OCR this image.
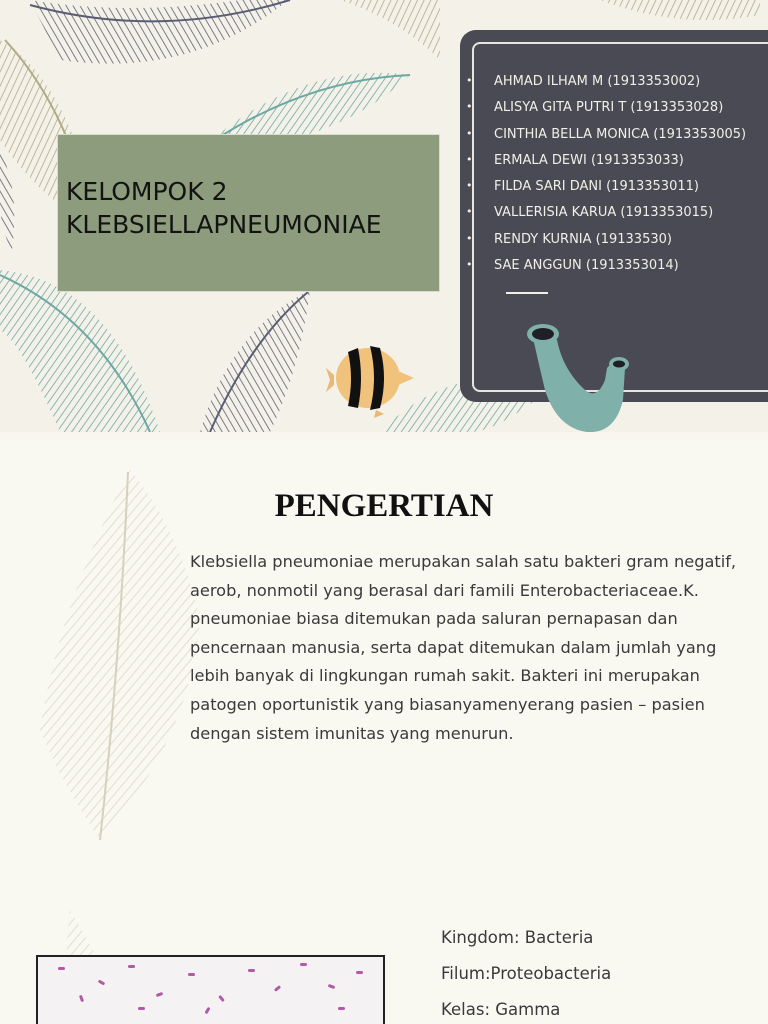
KELOMPOK 2
KLEBSIELLAPNEUMONIAE
• AHMAD ILHAM M (1913353002)
• ALISYA GITA PUTRI T (1913353028)
• CINTHIA BELLA MONICA (1913353005)
• ERMALA DEWI (1913353033)
• FILDA SARI DANI (1913353011)
• VALLERISIA KARUA (1913353015)
• RENDY KURNIA (19133530)
• SAE ANGGUN (1913353014)
PENGERTIAN
Klebsiella pneumoniae merupakan salah satu bakteri gram negatif, aerob, nonmotil yang berasal dari famili Enterobacteriaceae.K. pneumoniae biasa ditemukan pada saluran pernapasan dan pencernaan manusia, serta dapat ditemukan dalam jumlah yang lebih banyak di lingkungan rumah sakit. Bakteri ini merupakan patogen oportunistik yang biasanyamenyerang pasien – pasien dengan sistem imunitas yang menurun.
Kingdom: Bacteria
Filum:Proteobacteria
Kelas: Gamma
